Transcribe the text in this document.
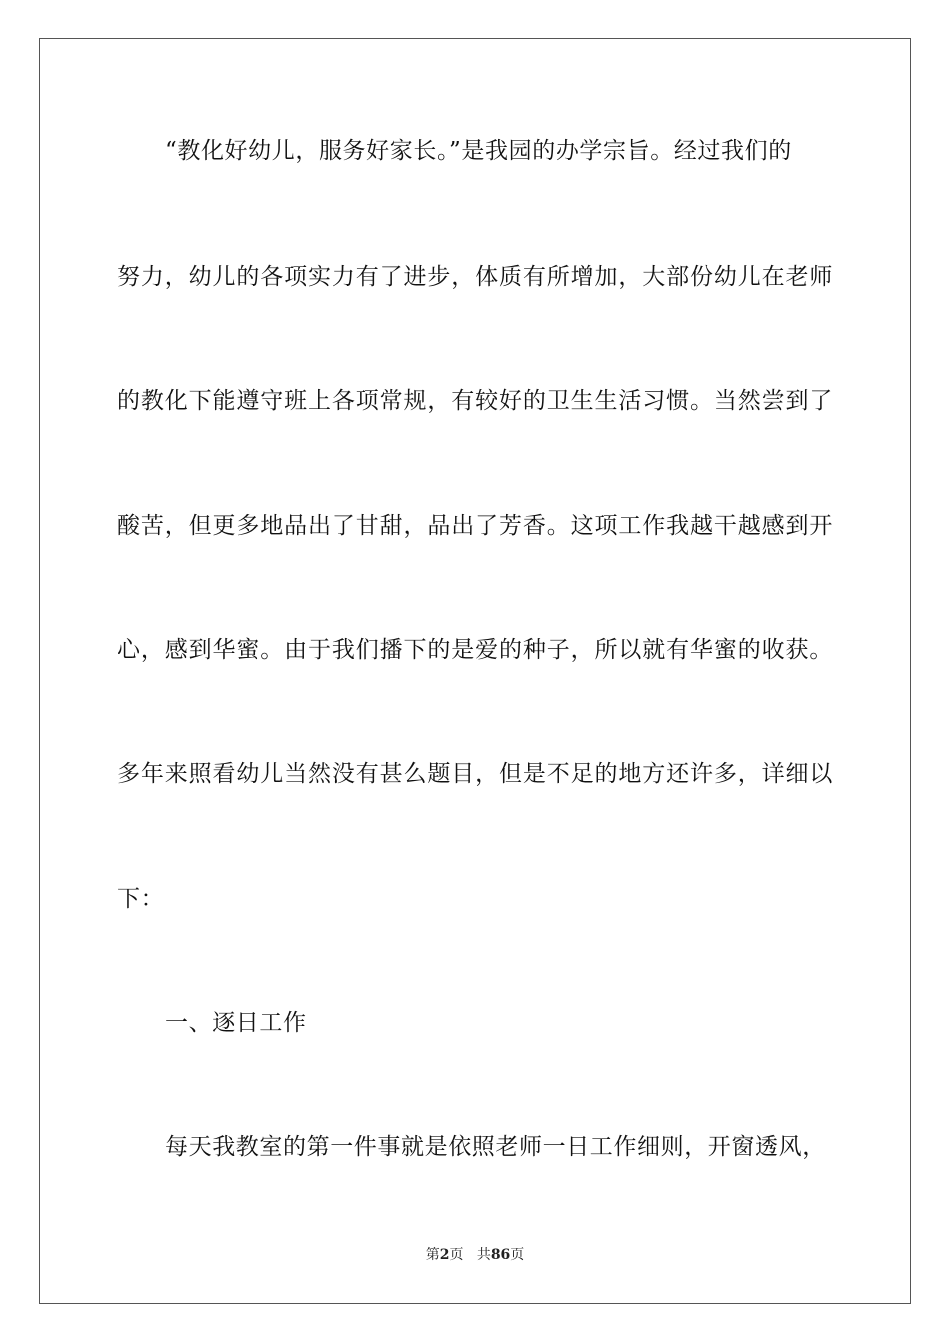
“教化好幼儿，服务好家长。”是我园的办学宗旨。经过我们的
努力，幼儿的各项实力有了进步，体质有所增加，大部份幼儿在老师
的教化下能遵守班上各项常规，有较好的卫生生活习惯。当然尝到了
酸苦，但更多地品出了甘甜，品出了芳香。这项工作我越干越感到开
心，感到华蜜。由于我们播下的是爱的种子，所以就有华蜜的收获。
多年来照看幼儿当然没有甚么题目，但是不足的地方还许多，详细以
下：
一、逐日工作
每天我教室的第一件事就是依照老师一日工作细则，开窗透风，
第2页 共86页
